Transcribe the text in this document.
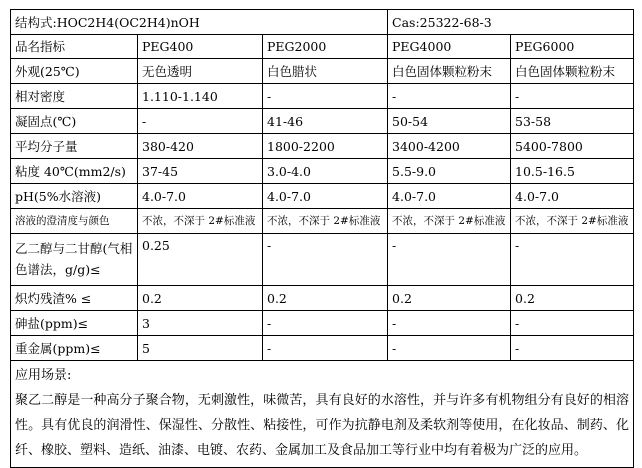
结构式:HOC2H4(OC2H4)nOH			Cas:25322-68-3	
品名指标	PEG400	PEG2000	PEG4000	PEG6000
外观(25℃)	无色透明	白色腊状	白色固体颗粒粉末	白色固体颗粒粉末
相对密度	1.110-1.140	-	-	-
凝固点(℃)	-	41-46	50-54	53-58
平均分子量	380-420	1800-2200	3400-4200	5400-7800
粘度 40℃(mm2/s)	37-45	3.0-4.0	5.5-9.0	10.5-16.5
pH(5%水溶液)	4.0-7.0	4.0-7.0	4.0-7.0	4.0-7.0
溶液的澄清度与颜色	不浓，不深于 2#标准液	不浓，不深于 2#标准液	不浓，不深于 2#标准液	不浓，不深于 2#标准液
乙二醇与二甘醇(气相色谱法，g/g)≤	0.25	-	-	-
炽灼残渣% ≤	0.2	0.2	0.2	0.2
砷盐(ppm)≤	3	-	-	-
重金属(ppm)≤	5	-	-	-

应用场景:
聚乙二醇是一种高分子聚合物，无刺激性，味微苦，具有良好的水溶性，并与许多有机物组分有良好的相溶性。具有优良的润滑性、保湿性、分散性、粘接性，可作为抗静电剂及柔软剂等使用，在化妆品、制药、化纤、橡胶、塑料、造纸、油漆、电镀、农药、金属加工及食品加工等行业中均有着极为广泛的应用。				
